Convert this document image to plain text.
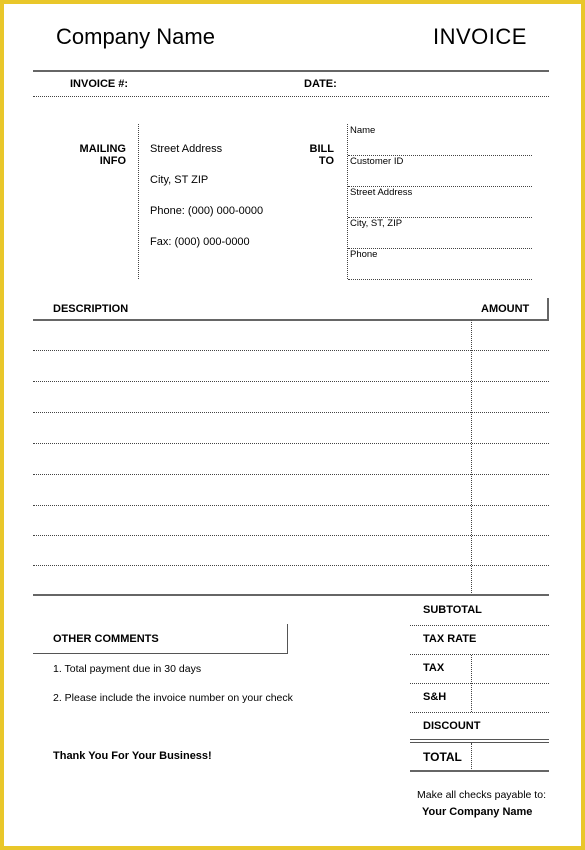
Company Name	INVOICE
INVOICE #:	DATE:
MAILING
INFO
Street Address
City, ST ZIP
Phone: (000) 000-0000
Fax: (000) 000-0000
BILL
TO
Name
Customer ID
Street Address
City, ST, ZIP
Phone
DESCRIPTION	AMOUNT
SUBTOTAL
TAX RATE
TAX
S&H
DISCOUNT
TOTAL
OTHER COMMENTS
1. Total payment due in 30 days
2. Please include the invoice number on your check
Thank You For Your Business!
Make all checks payable to:
Your Company Name
